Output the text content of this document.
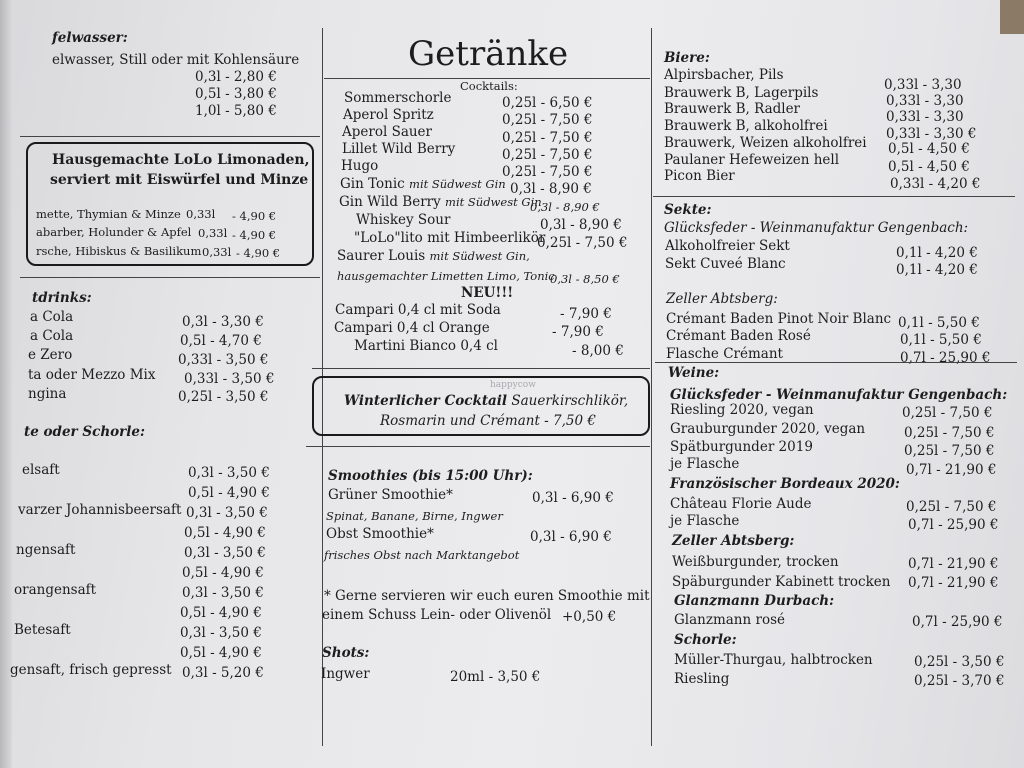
felwasser:
elwasser, Still oder mit Kohlensäure
0,3l - 2,80 €
0,5l - 3,80 €
1,0l - 5,80 €
Hausgemachte LoLo Limonaden,
serviert mit Eiswürfel und Minze
mette, Thymian & Minze 0,33l - 4,90 €
abarber, Holunder & Apfel 0,33l - 4,90 €
rsche, Hibiskus & Basilikum 0,33l - 4,90 €
tdrinks:
a Cola	0,3l - 3,30 €
a Cola	0,5l - 4,70 €
e Zero	0,33l - 3,50 €
ta oder Mezzo Mix 0,33l - 3,50 €
ngina	0,25l - 3,50 €
te oder Schorle:
elsaft	0,3l - 3,50 €
0,5l - 4,90 €
varzer Johannisbeersaft 0,3l - 3,50 €
0,5l - 4,90 €
ngensaft	0,3l - 3,50 €
0,5l - 4,90 €
orangensaft	0,3l - 3,50 €
0,5l - 4,90 €
Betesaft	0,3l - 3,50 €
0,5l - 4,90 €
gensaft, frisch gepresst 0,3l - 5,20 €
Getränke
Cocktails:
Sommerschorle	0,25l - 6,50 €
Aperol Spritz	0,25l - 7,50 €
Aperol Sauer	0,25l - 7,50 €
Lillet Wild Berry	0,25l - 7,50 €
Hugo	0,25l - 7,50 €
Gin Tonic mit Südwest Gin 0,3l - 8,90 €
Gin Wild Berry mit Südwest Gin
0,3l - 8,90 €
Whiskey Sour	0,3l - 8,90 €
"LoLo"lito mit Himbeerlikör
0,25l - 7,50 €
Saurer Louis mit Südwest Gin,
hausgemachter Limetten Limo, Tonic
0,3l - 8,50 €
NEU!!!
Campari 0,4 cl mit Soda	- 7,90 €
Campari 0,4 cl Orange	- 7,90 €
Martini Bianco 0,4 cl	- 8,00 €
happycow
Winterlicher Cocktail Sauerkirschlikör,
Rosmarin und Crémant - 7,50 €
Smoothies (bis 15:00 Uhr):
Grüner Smoothie*	0,3l - 6,90 €
Spinat, Banane, Birne, Ingwer
Obst Smoothie*	0,3l - 6,90 €
frisches Obst nach Marktangebot
* Gerne servieren wir euch euren Smoothie mit
einem Schuss Lein- oder Olivenöl +0,50 €
Shots:
Ingwer	20ml - 3,50 €
Biere:
Alpirsbacher, Pils
0,33l - 3,30
Brauwerk B, Lagerpils	0,33l - 3,30
Brauwerk B, Radler	0,33l - 3,30
Brauwerk B, alkoholfrei	0,33l - 3,30 €
Brauwerk, Weizen alkoholfrei 0,5l - 4,50 €
Paulaner Hefeweizen hell	0,5l - 4,50 €
Picon Bier	0,33l - 4,20 €
Sekte:
Glücksfeder - Weinmanufaktur Gengenbach:
Alkoholfreier Sekt	0,1l - 4,20 €
Sekt Cuveé Blanc	0,1l - 4,20 €
Zeller Abtsberg:
Crémant Baden Pinot Noir Blanc 0,1l - 5,50 €
Crémant Baden Rosé	0,1l - 5,50 €
Flasche Crémant	0,7l - 25,90 €
Weine:
Glücksfeder - Weinmanufaktur Gengenbach:
Riesling 2020, vegan	0,25l - 7,50 €
Grauburgunder 2020, vegan	0,25l - 7,50 €
Spätburgunder 2019	0,25l - 7,50 €
je Flasche	0,7l - 21,90 €
Französischer Bordeaux 2020:
Château Florie Aude	0,25l - 7,50 €
je Flasche	0,7l - 25,90 €
Zeller Abtsberg:
Weißburgunder, trocken	0,7l - 21,90 €
Späburgunder Kabinett trocken 0,7l - 21,90 €
Glanzmann Durbach:
Glanzmann rosé	0,7l - 25,90 €
Schorle:
Müller-Thurgau, halbtrocken	0,25l - 3,50 €
Riesling	0,25l - 3,70 €
